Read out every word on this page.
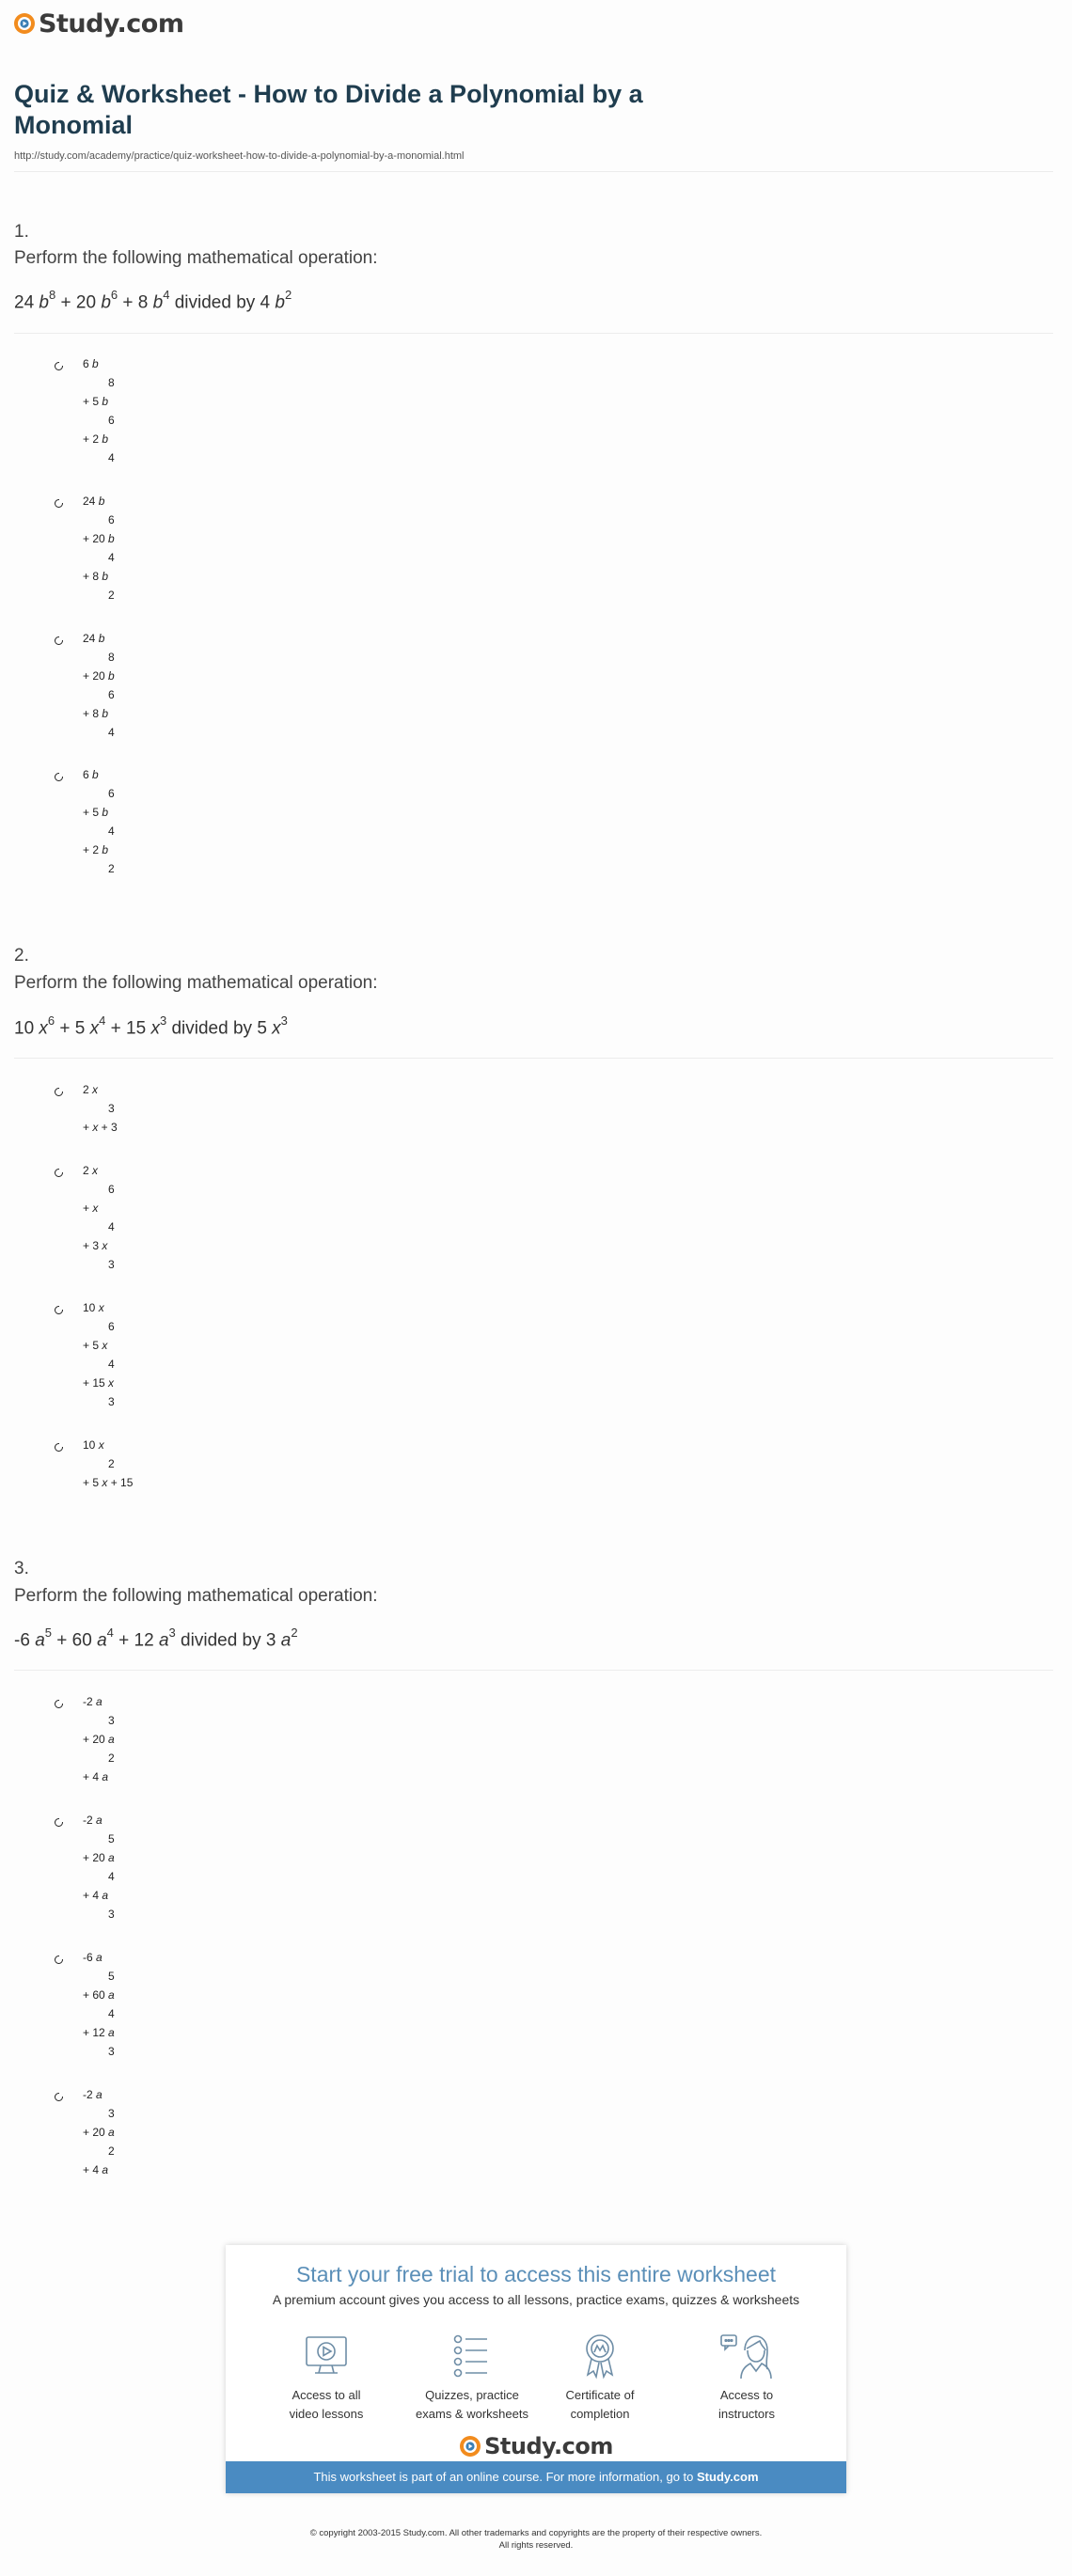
Study.com
Quiz & Worksheet - How to Divide a Polynomial by a Monomial
http://study.com/academy/practice/quiz-worksheet-how-to-divide-a-polynomial-by-a-monomial.html
1.
Perform the following mathematical operation:
24 $b^8 + 20$ $b^6 + 8$ $b^4$ divided by 4 $b^2$
6 b
8
+ 5 b
6
+ 2 b
4
24 b
6
+ 20 b
4
+ 8 b
2
24 b
8
+ 20 b
6
+ 8 b
4
6 b
6
+ 5 b
4
+ 2 b
2
2.
Perform the following mathematical operation:
10 $x^6 + 5$ $x^4 + 15$ $x^3$ divided by 5 $x^3$
2 x
3
+ x + 3
2 x
6
+ x
4
+ 3 x
3
10 x
6
+ 5 x
4
+ 15 x
3
10 x
2
+ 5 x + 15
3.
Perform the following mathematical operation:
-6 $a^5 + 60$ $a^4 + 12$ $a^3$ divided by 3 $a^2$
-2 a
3
+ 20 a
2
+ 4 a
-2 a
5
+ 20 a
4
+ 4 a
3
-6 a
5
+ 60 a
4
+ 12 a
3
-2 a
3
+ 20 a
2
+ 4 a
Start your free trial to access this entire worksheet
A premium account gives you access to all lessons, practice exams, quizzes & worksheets
Access to all
video lessons
Quizzes, practice
exams & worksheets
Certificate of
completion
Access to
instructors
Study.com
This worksheet is part of an online course. For more information, go to Study.com
© copyright 2003-2015 Study.com. All other trademarks and copyrights are the property of their respective owners.
All rights reserved.
